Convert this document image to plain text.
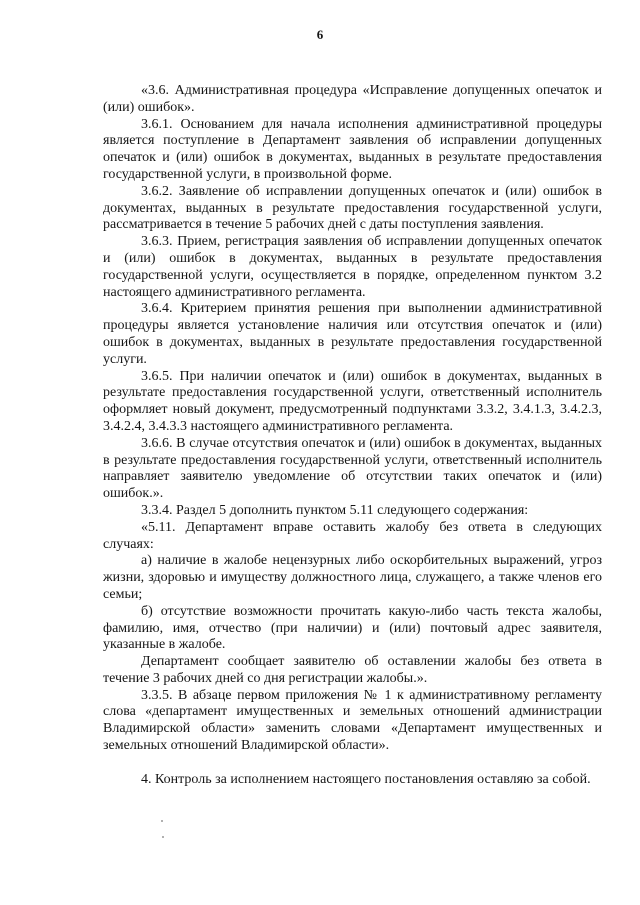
6

«3.6. Административная процедура «Исправление допущенных опечаток и (или) ошибок».

3.6.1. Основанием для начала исполнения административной процедуры является поступление в Департамент заявления об исправлении допущенных опечаток и (или) ошибок в документах, выданных в результате предоставления государственной услуги, в произвольной форме.

3.6.2. Заявление об исправлении допущенных опечаток и (или) ошибок в документах, выданных в результате предоставления государственной услуги, рассматривается в течение 5 рабочих дней с даты поступления заявления.

3.6.3. Прием, регистрация заявления об исправлении допущенных опечаток и (или) ошибок в документах, выданных в результате предоставления государственной услуги, осуществляется в порядке, определенном пунктом 3.2 настоящего административного регламента.

3.6.4. Критерием принятия решения при выполнении административной процедуры является установление наличия или отсутствия опечаток и (или) ошибок в документах, выданных в результате предоставления государственной услуги.

3.6.5. При наличии опечаток и (или) ошибок в документах, выданных в результате предоставления государственной услуги, ответственный исполнитель оформляет новый документ, предусмотренный подпунктами 3.3.2, 3.4.1.3, 3.4.2.3, 3.4.2.4, 3.4.3.3 настоящего административного регламента.

3.6.6. В случае отсутствия опечаток и (или) ошибок в документах, выданных в результате предоставления государственной услуги, ответственный исполнитель направляет заявителю уведомление об отсутствии таких опечаток и (или) ошибок.».

3.3.4. Раздел 5 дополнить пунктом 5.11 следующего содержания:

«5.11. Департамент вправе оставить жалобу без ответа в следующих случаях:

а) наличие в жалобе нецензурных либо оскорбительных выражений, угроз жизни, здоровью и имуществу должностного лица, служащего, а также членов его семьи;

б) отсутствие возможности прочитать какую-либо часть текста жалобы, фамилию, имя, отчество (при наличии) и (или) почтовый адрес заявителя, указанные в жалобе.

Департамент сообщает заявителю об оставлении жалобы без ответа в течение 3 рабочих дней со дня регистрации жалобы.».

3.3.5. В абзаце первом приложения № 1 к административному регламенту слова «департамент имущественных и земельных отношений администрации Владимирской области» заменить словами «Департамент имущественных и земельных отношений Владимирской области».

4. Контроль за исполнением настоящего постановления оставляю за собой.
